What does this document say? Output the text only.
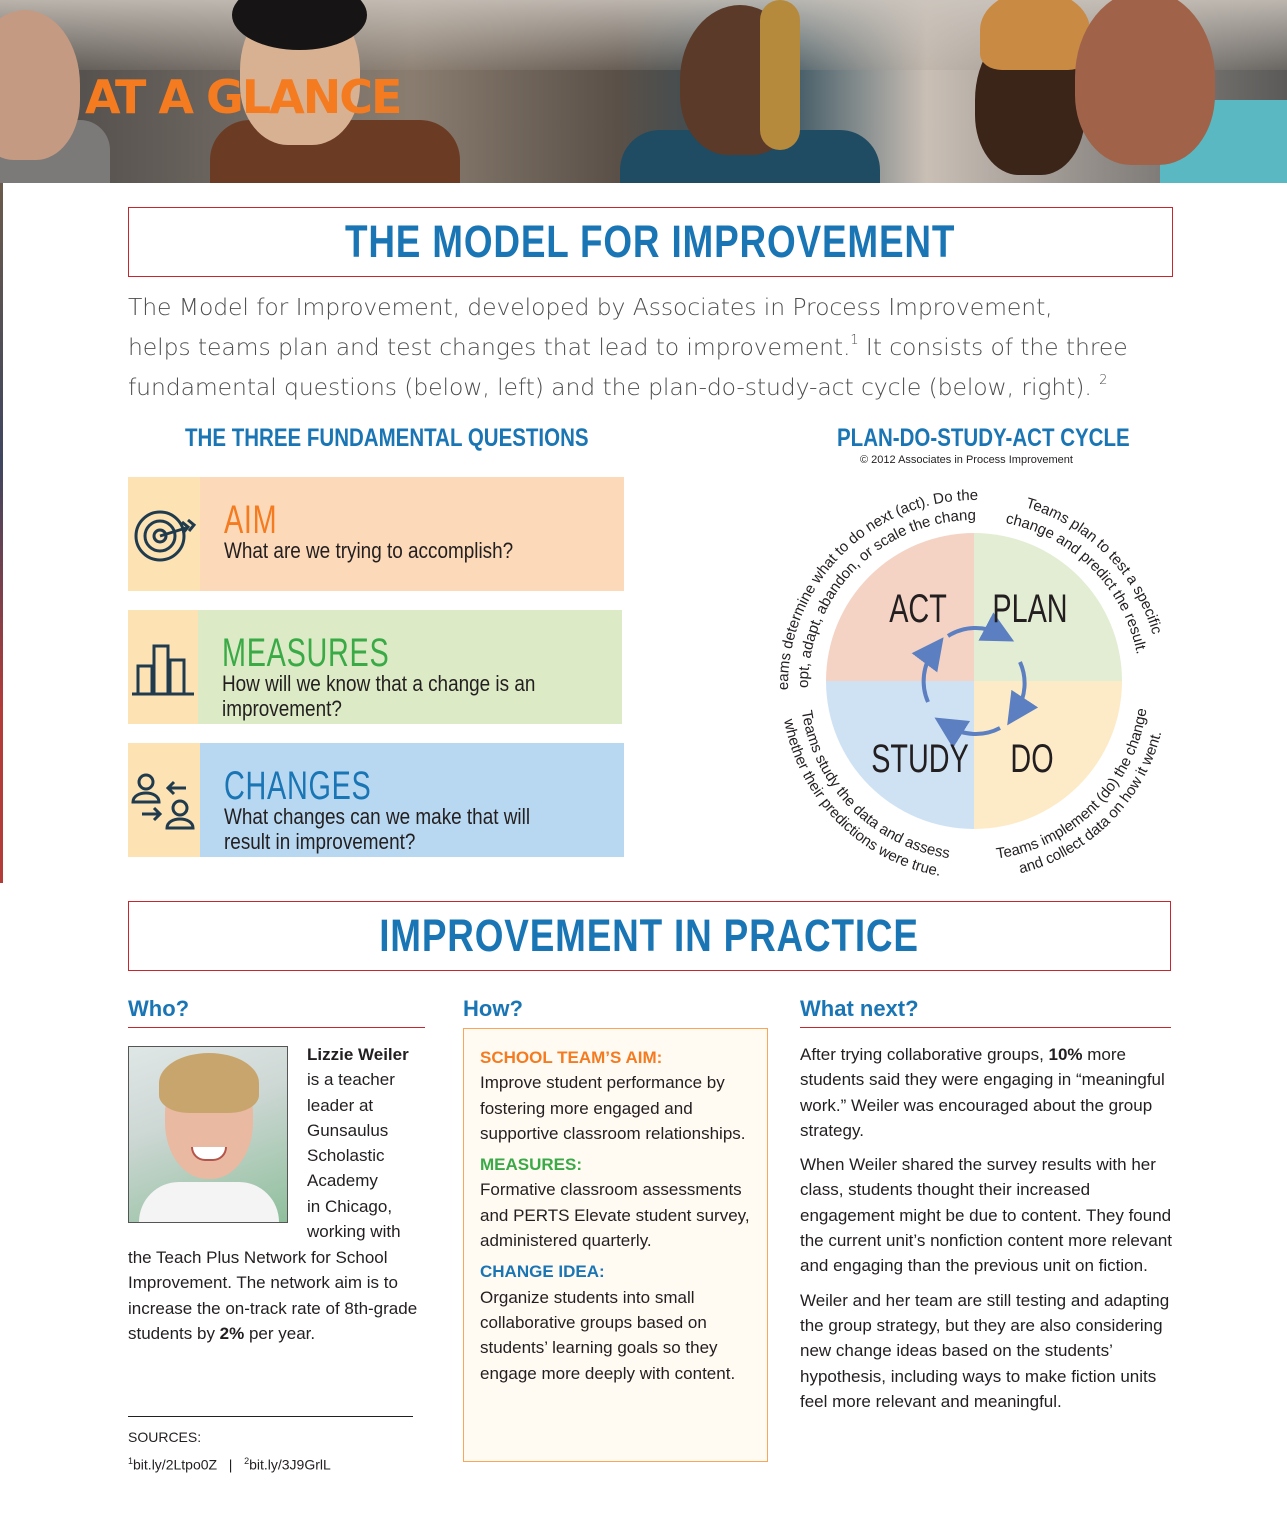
AT A GLANCE
THE MODEL FOR IMPROVEMENT
The Model for Improvement, developed by Associates in Process Improvement,
helps teams plan and test changes that lead to improvement.$^1$ It consists of the three
fundamental questions (below, left) and the plan-do-study-act cycle (below, right). $^2$
THE THREE FUNDAMENTAL QUESTIONS
AIM
What are we trying to accomplish?
MEASURES
How will we know that a change is an improvement?
CHANGES
What changes can we make that will result in improvement?
PLAN-DO-STUDY-ACT CYCLE
© 2012 Associates in Process Improvement
ACT PLAN
STUDY DO
eams determine what to do next (act). Do the
opt, adapt, abandon, or scale the chang
Teams plan to test a specific
change and predict the result.
Teams study the data and assess
whether their predictions were true.
Teams implement (do) the change
and collect data on how it went.
IMPROVEMENT IN PRACTICE
Who?
Lizzie Weiler
is a teacher
leader at
Gunsaulus
Scholastic
Academy
in Chicago,
working with
the Teach Plus Network for School Improvement. The network aim is to increase the on-track rate of 8th-grade students by 2% per year.
SOURCES:
$^1$bit.ly/2Ltpo0Z | $^2$bit.ly/3J9GrlL
How?
SCHOOL TEAM’S AIM:
Improve student performance by fostering more engaged and supportive classroom relationships.
MEASURES:
Formative classroom assessments and PERTS Elevate student survey, administered quarterly.
CHANGE IDEA:
Organize students into small collaborative groups based on students’ learning goals so they engage more deeply with content.
What next?

After trying collaborative groups, 10% more students said they were engaging in “meaningful work.” Weiler was encouraged about the group strategy.

When Weiler shared the survey results with her class, students thought their increased engagement might be due to content. They found the current unit’s nonfiction content more relevant and engaging than the previous unit on fiction.

Weiler and her team are still testing and adapting the group strategy, but they are also considering new change ideas based on the students’ hypothesis, including ways to make fiction units feel more relevant and meaningful.
